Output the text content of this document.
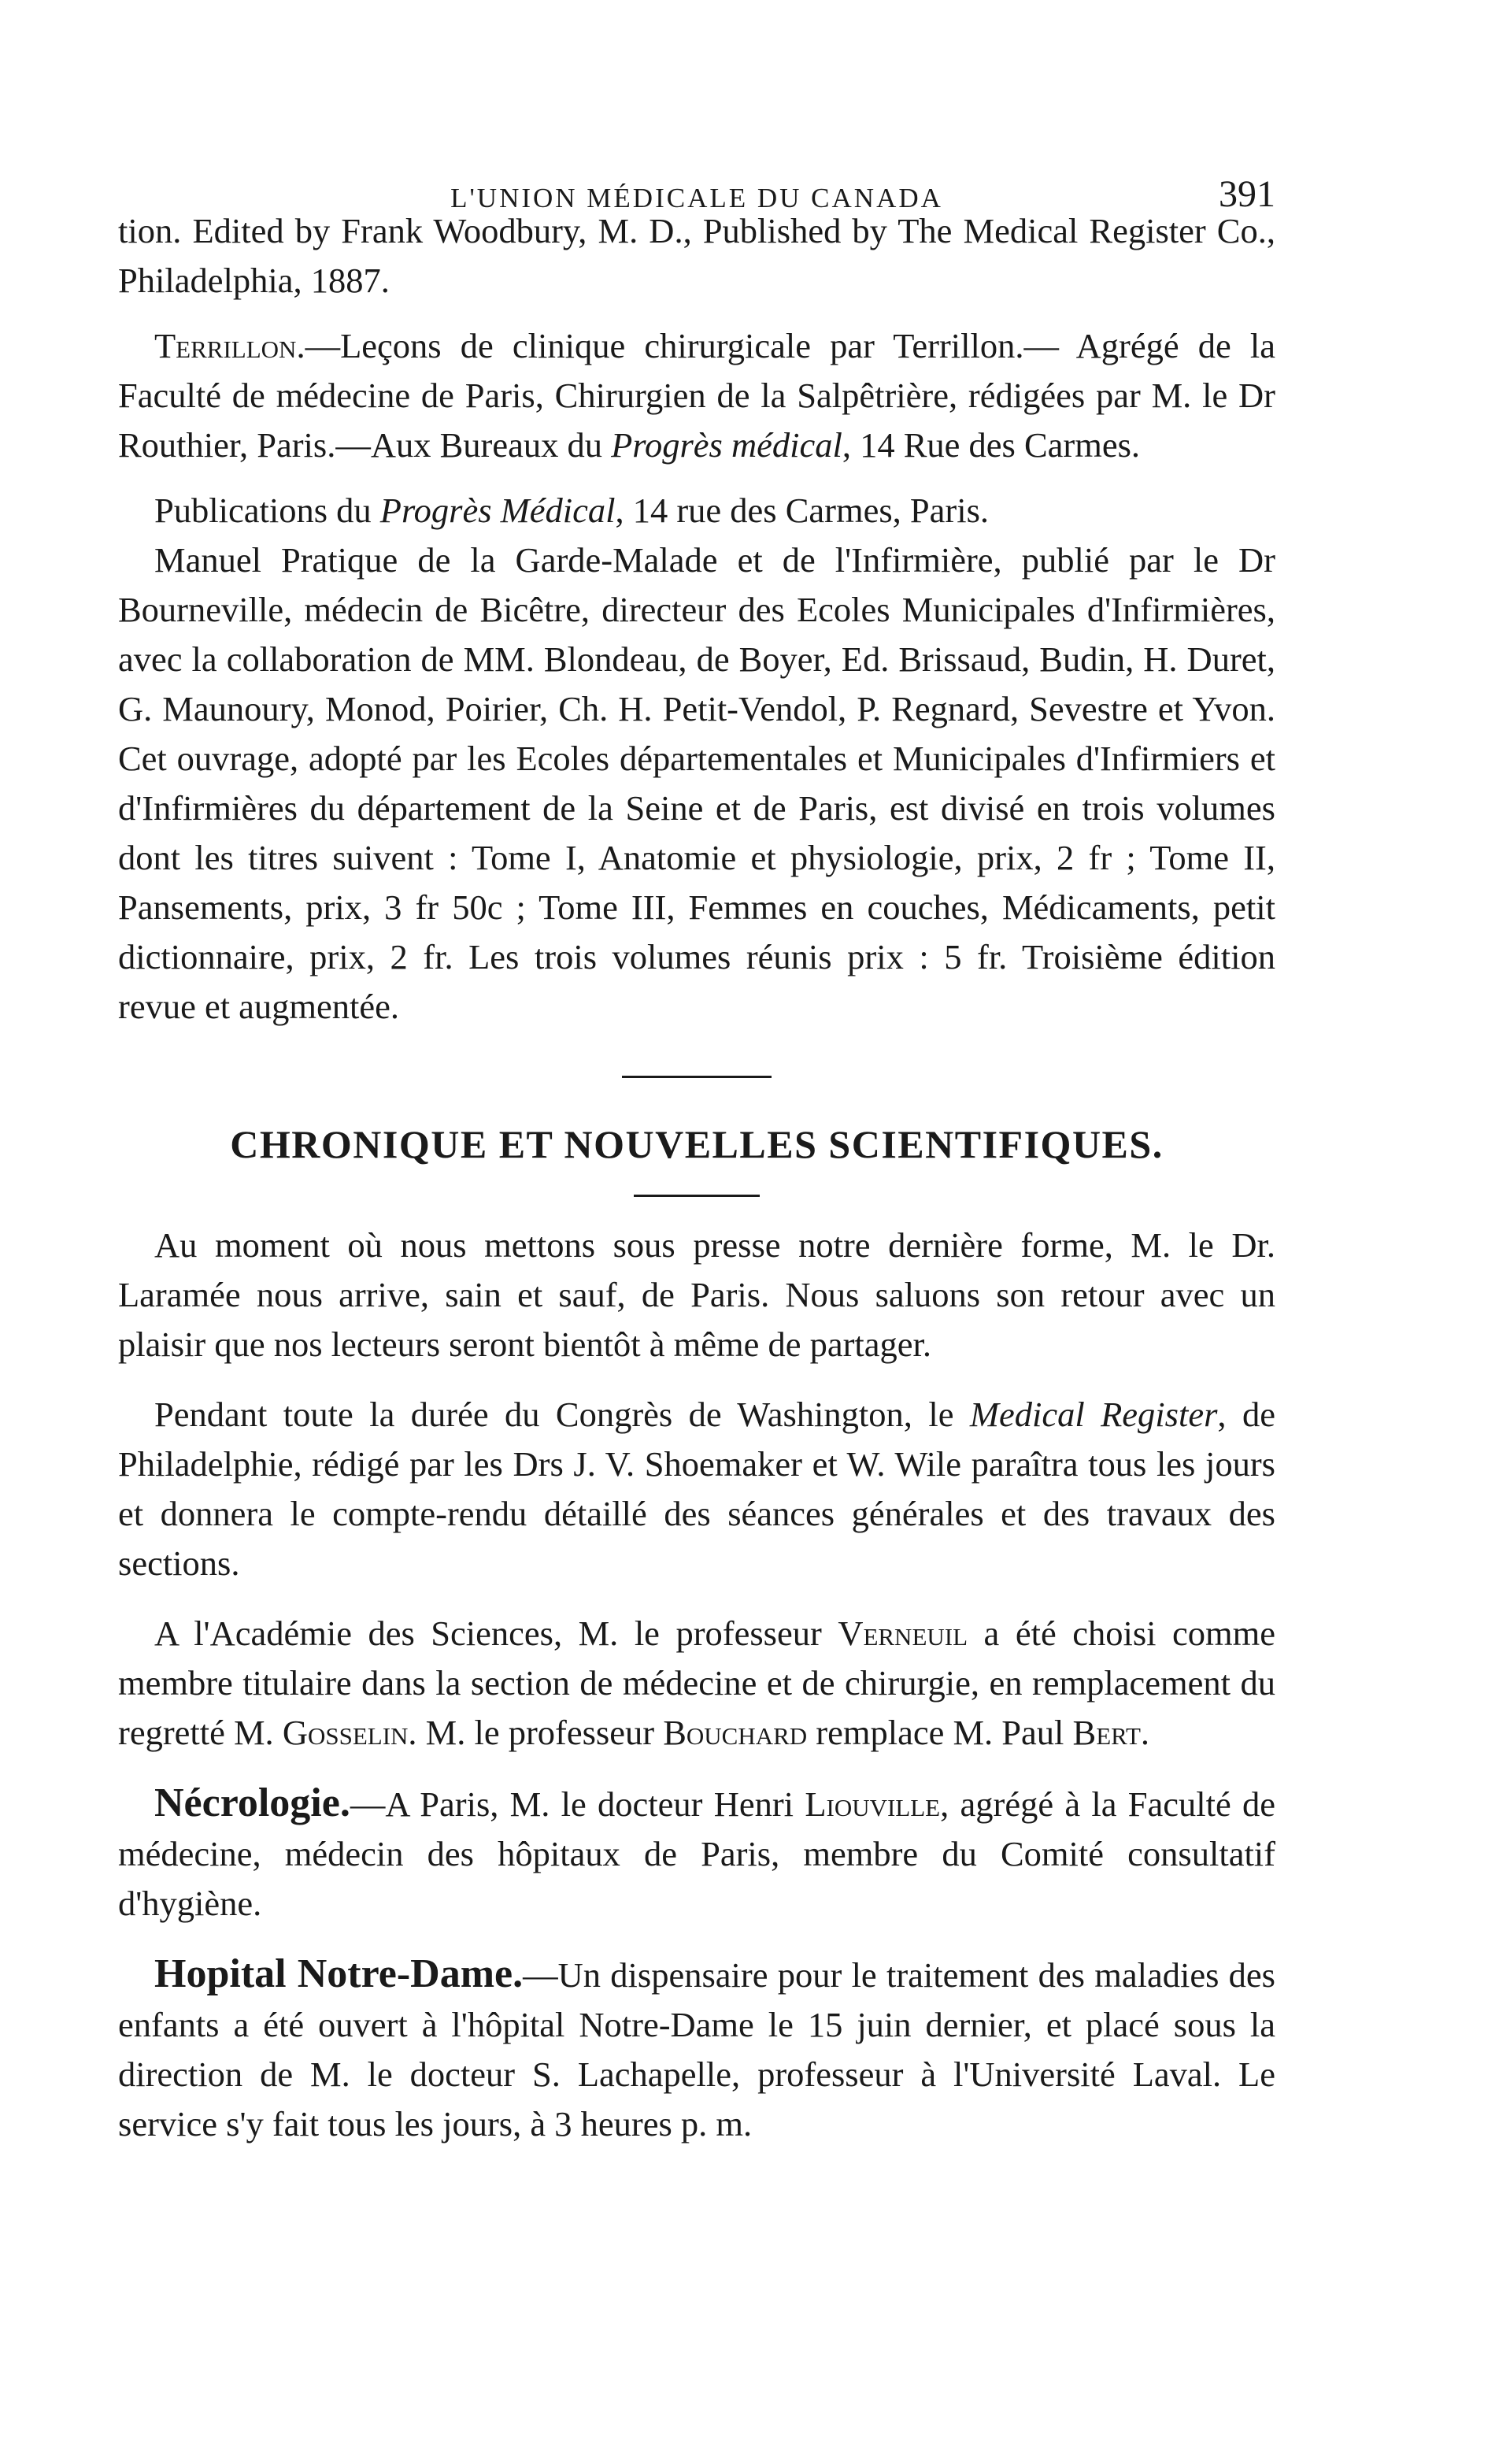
L'UNION MÉDICALE DU CANADA	391

tion. Edited by Frank Woodbury, M. D., Published by The Medical Register Co., Philadelphia, 1887.

Terrillon.—Leçons de clinique chirurgicale par Terrillon.— Agrégé de la Faculté de médecine de Paris, Chirurgien de la Salpêtrière, rédigées par M. le Dr Routhier, Paris.—Aux Bureaux du Progrès médical, 14 Rue des Carmes.

Publications du Progrès Médical, 14 rue des Carmes, Paris.

Manuel Pratique de la Garde-Malade et de l'Infirmière, publié par le Dr Bourneville, médecin de Bicêtre, directeur des Ecoles Municipales d'Infirmières, avec la collaboration de MM. Blondeau, de Boyer, Ed. Brissaud, Budin, H. Duret, G. Maunoury, Monod, Poirier, Ch. H. Petit-Vendol, P. Regnard, Sevestre et Yvon. Cet ouvrage, adopté par les Ecoles départementales et Municipales d'Infirmiers et d'Infirmières du département de la Seine et de Paris, est divisé en trois volumes dont les titres suivent : Tome I, Anatomie et physiologie, prix, 2 fr ; Tome II, Pansements, prix, 3 fr 50c ; Tome III, Femmes en couches, Médicaments, petit dictionnaire, prix, 2 fr. Les trois volumes réunis prix : 5 fr. Troisième édition revue et augmentée.

CHRONIQUE ET NOUVELLES SCIENTIFIQUES.

Au moment où nous mettons sous presse notre dernière forme, M. le Dr. Laramée nous arrive, sain et sauf, de Paris. Nous saluons son retour avec un plaisir que nos lecteurs seront bientôt à même de partager.

Pendant toute la durée du Congrès de Washington, le Medical Register, de Philadelphie, rédigé par les Drs J. V. Shoemaker et W. Wile paraîtra tous les jours et donnera le compte-rendu détaillé des séances générales et des travaux des sections.

A l'Académie des Sciences, M. le professeur Verneuil a été choisi comme membre titulaire dans la section de médecine et de chirurgie, en remplacement du regretté M. Gosselin. M. le professeur Bouchard remplace M. Paul Bert.

Nécrologie.—A Paris, M. le docteur Henri Liouville, agrégé à la Faculté de médecine, médecin des hôpitaux de Paris, membre du Comité consultatif d'hygiène.

Hopital Notre-Dame.—Un dispensaire pour le traitement des maladies des enfants a été ouvert à l'hôpital Notre-Dame le 15 juin dernier, et placé sous la direction de M. le docteur S. Lachapelle, professeur à l'Université Laval. Le service s'y fait tous les jours, à 3 heures p. m.
